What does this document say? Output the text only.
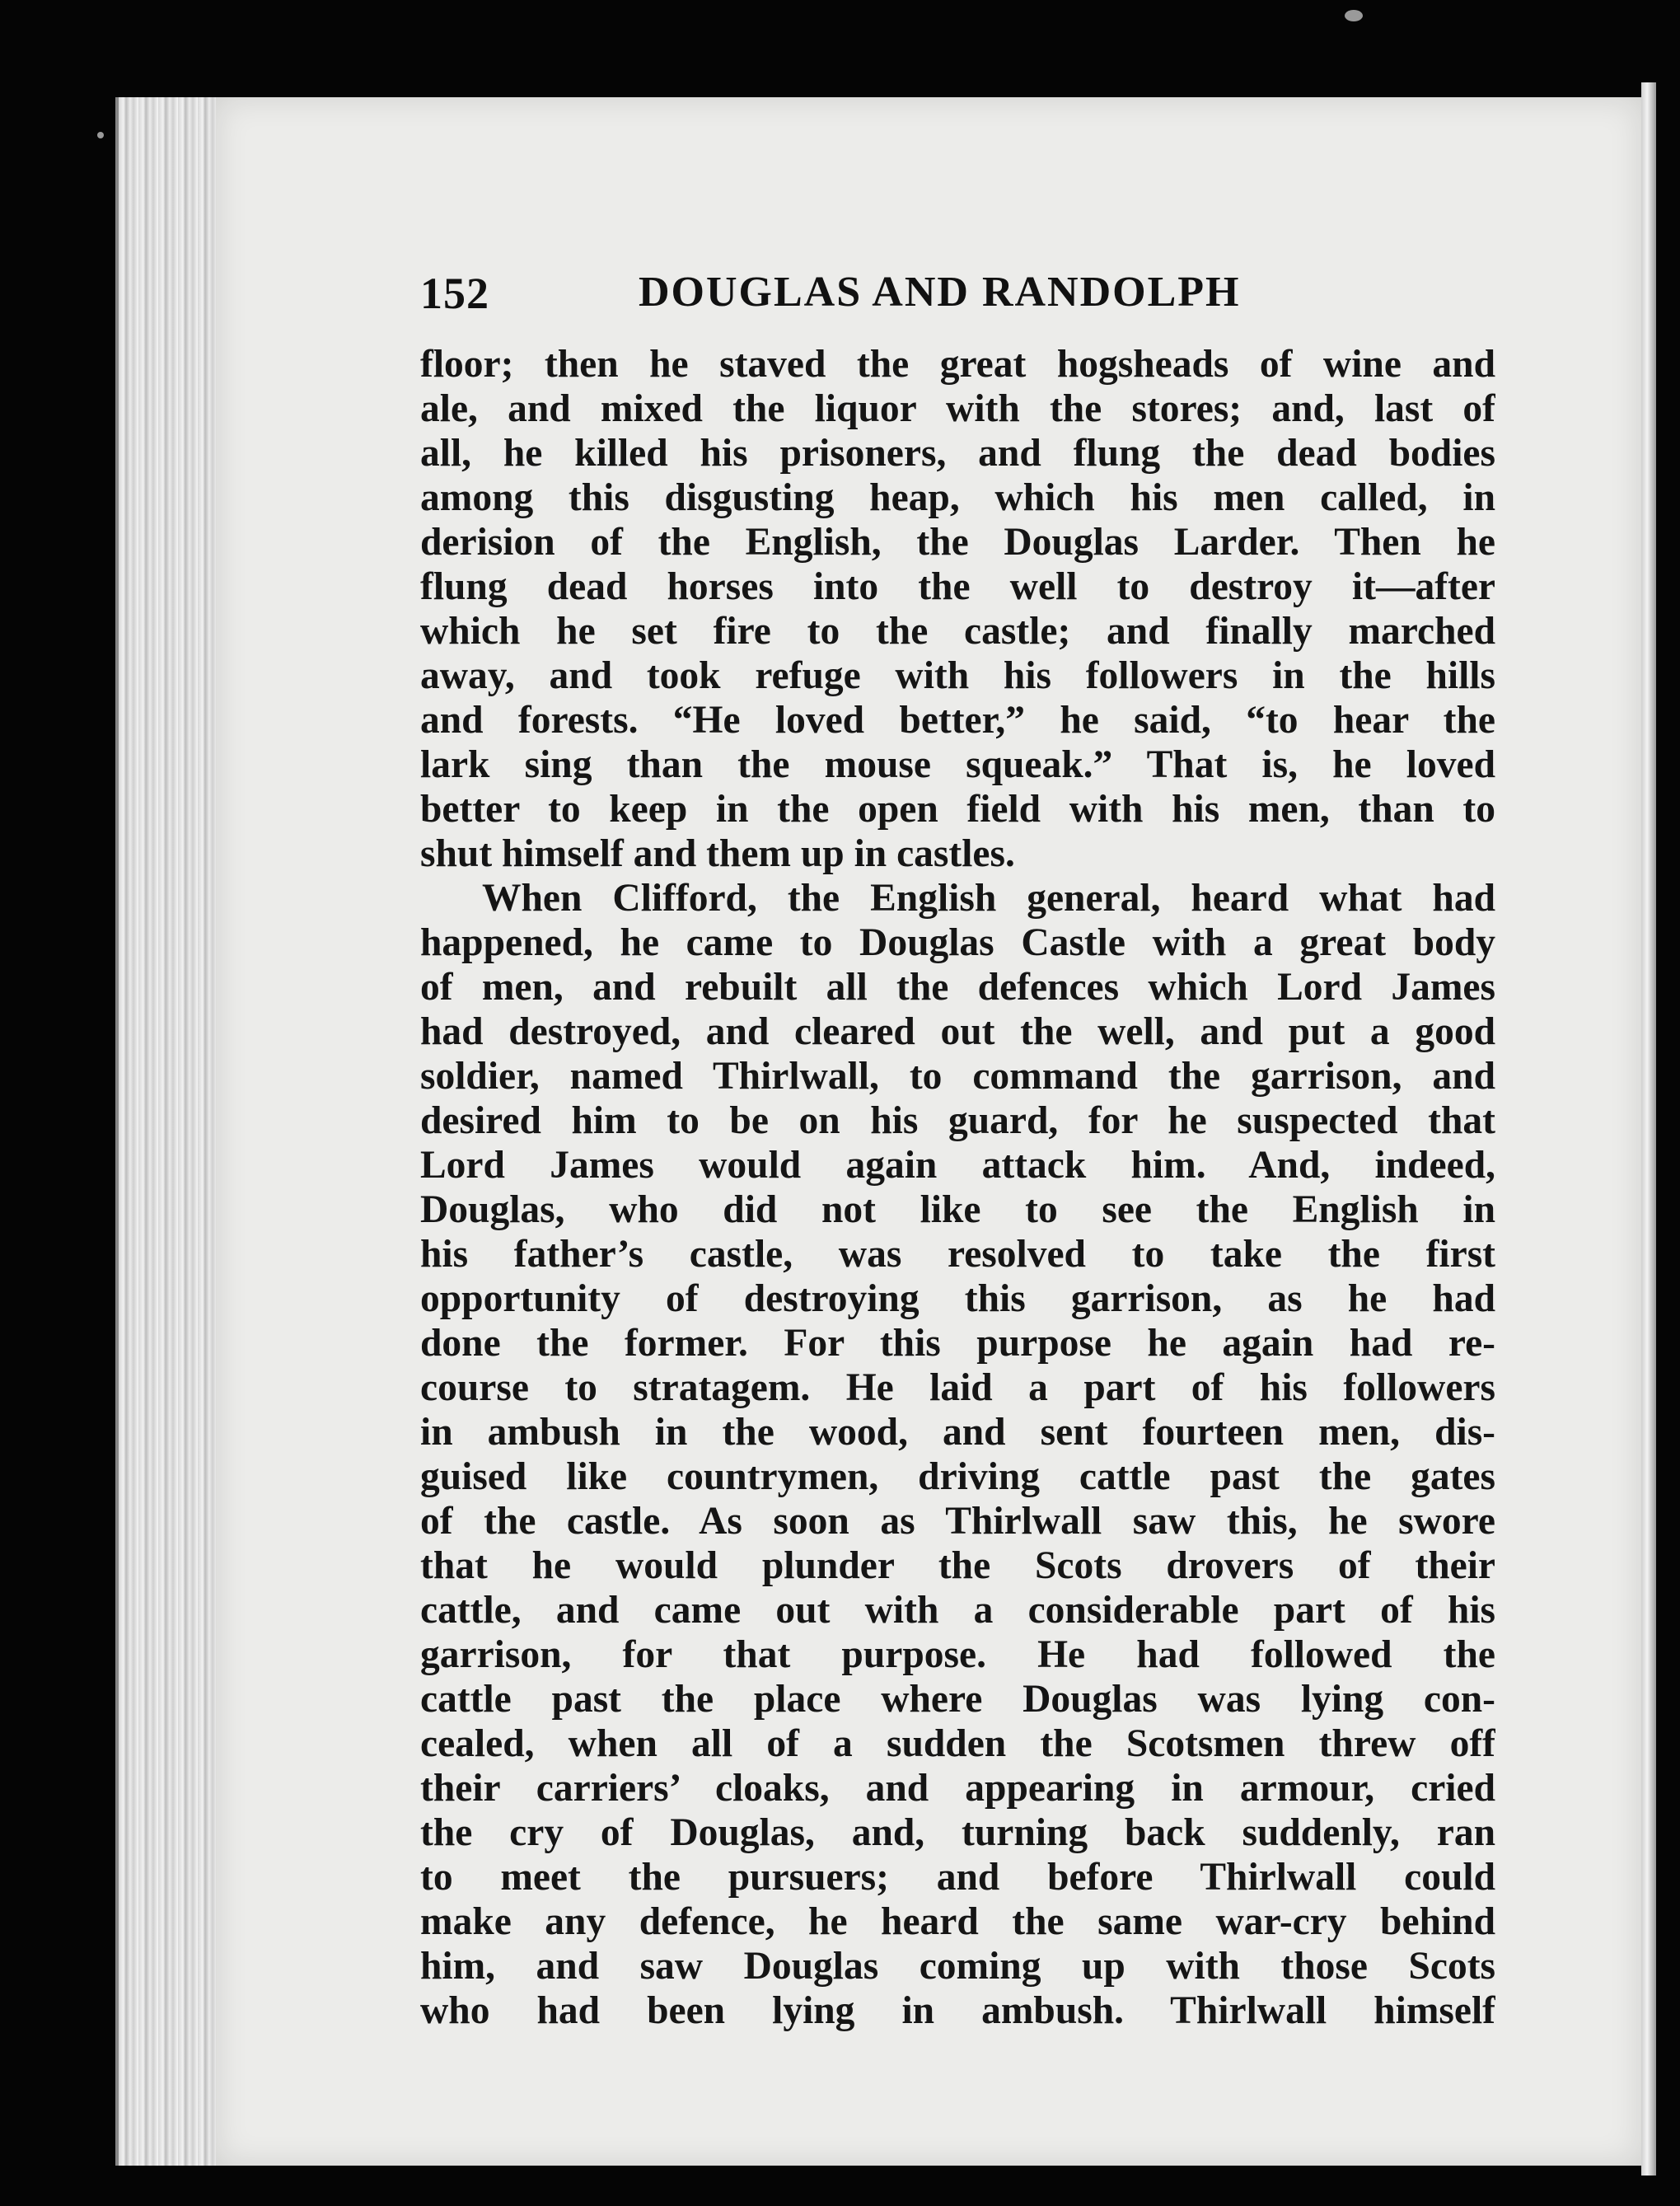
152	DOUGLAS AND RANDOLPH
floor; then he staved the great hogsheads of wine and
ale, and mixed the liquor with the stores; and, last of
all, he killed his prisoners, and flung the dead bodies
among this disgusting heap, which his men called, in
derision of the English, the Douglas Larder. Then he
flung dead horses into the well to destroy it—after
which he set fire to the castle; and finally marched
away, and took refuge with his followers in the hills
and forests. “He loved better,” he said, “to hear the
lark sing than the mouse squeak.” That is, he loved
better to keep in the open field with his men, than to
shut himself and them up in castles.
When Clifford, the English general, heard what had
happened, he came to Douglas Castle with a great body
of men, and rebuilt all the defences which Lord James
had destroyed, and cleared out the well, and put a good
soldier, named Thirlwall, to command the garrison, and
desired him to be on his guard, for he suspected that
Lord James would again attack him. And, indeed,
Douglas, who did not like to see the English in
his father’s castle, was resolved to take the first
opportunity of destroying this garrison, as he had
done the former. For this purpose he again had re-
course to stratagem. He laid a part of his followers
in ambush in the wood, and sent fourteen men, dis-
guised like countrymen, driving cattle past the gates
of the castle. As soon as Thirlwall saw this, he swore
that he would plunder the Scots drovers of their
cattle, and came out with a considerable part of his
garrison, for that purpose. He had followed the
cattle past the place where Douglas was lying con-
cealed, when all of a sudden the Scotsmen threw off
their carriers’ cloaks, and appearing in armour, cried
the cry of Douglas, and, turning back suddenly, ran
to meet the pursuers; and before Thirlwall could
make any defence, he heard the same war-cry behind
him, and saw Douglas coming up with those Scots
who had been lying in ambush. Thirlwall himself
